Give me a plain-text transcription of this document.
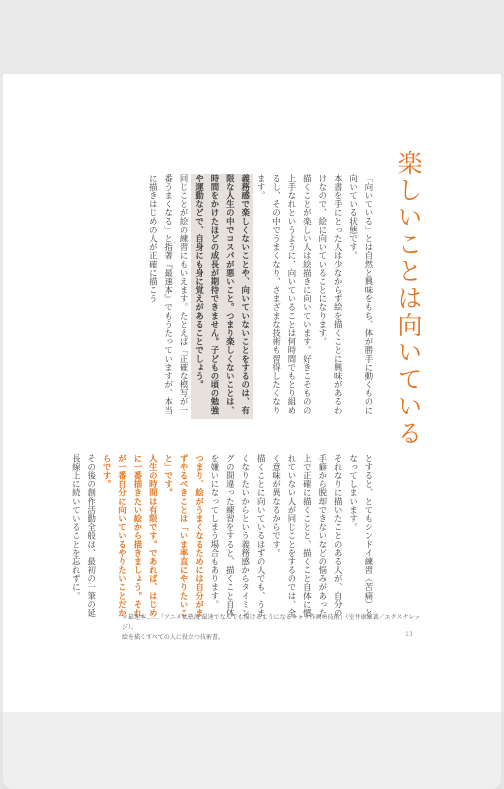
楽しいことは向いている

「向いている」とは自然と興味をもち、体が勝手に動くものに向いている状態です。

本書を手にとった人は少なからず絵を描くことに興味があるわけなので、絵に向いていることになります。

描くことが楽しい人は絵描きに向いています。好きこそものの上手なれというように、向いていることは何時間でもとり組めるし、その中でうまくなり、さまざまな技術も習得したくなります。

義務感で楽しくないことや、向いていないことをするのは、有限な人生の中でコスパが悪いこと。つまり楽しくないことは、時間をかけたほどの成長が期待できません。子どもの頃の勉強や運動などで、自身にも身に覚えがあることでしょう。

同じことが絵の練習にもいえます。たとえば「正確な模写が一番うまくなる」と指著『最速本』でもうたっていますが、本当に描きはじめの人が正確に描こう

とすると、とてもシンドイ練習（苦痛）となってしまいます。

それなりに描いたことのある人が、自分の手癖から脱却できないなどの悩みがあった上で正確に描くことと、描くこと自体に慣れていない人が同じことをするのでは、全く意味が異なるからです。

描くことに向いているはずの人でも、うまくなりたいからという義務感からタイミングの間違った練習をすると、描くこと自体を嫌いになってしまう場合もあります。

つまり、絵がうまくなるためには自分がまずやるべきことは「いま率直にやりたいこと」です。

人生の時間は有限です。であれば、はじめに一番描きたい絵から描きましょう。それが一番自分に向いているやりたいことだからです。

その後の創作活動全般は、最初の一筆の延長線上に続いていることを忘れずに。

＊最速本……『アニメ私塾流 最速でなんでも描けるようになるキャラ作画の技術』（室井康雄著／エクスナレッジ）。
絵を描くすべての人に役立つ技術書。	13
